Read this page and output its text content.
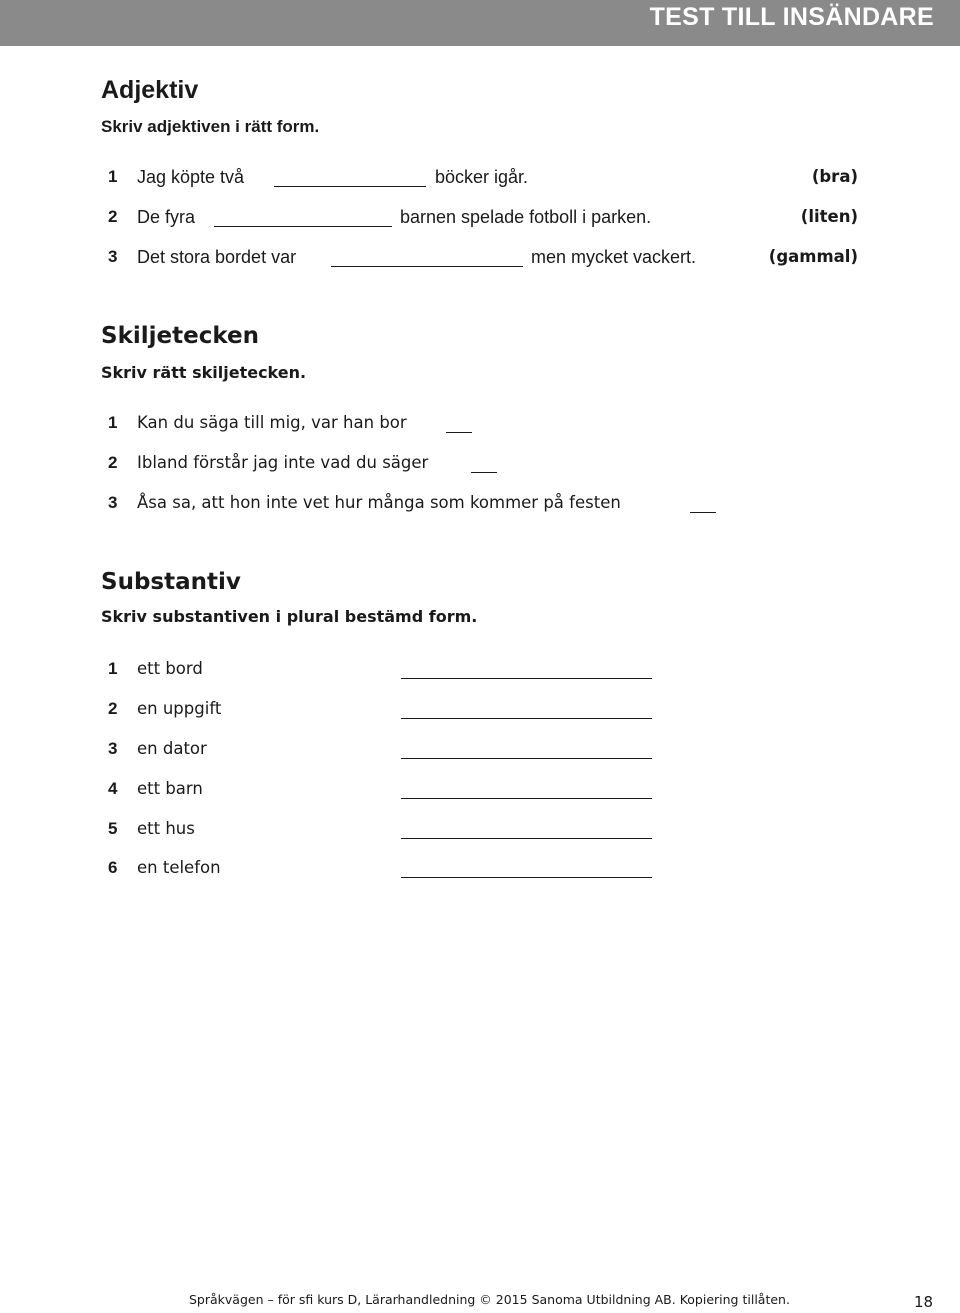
TEST TILL INSÄNDARE
Adjektiv
Skriv adjektiven i rätt form.
1 Jag köpte två	böcker igår.	(bra)
2 De fyra	barnen spelade fotboll i parken.	(liten)
3 Det stora bordet var	men mycket vackert.	(gammal)
Skiljetecken
Skriv rätt skiljetecken.
1 Kan du säga till mig, var han bor
2 Ibland förstår jag inte vad du säger
3 Åsa sa, att hon inte vet hur många som kommer på festen
Substantiv
Skriv substantiven i plural bestämd form.
1 ett bord
2 en uppgift
3 en dator
4 ett barn
5 ett hus
6 en telefon
Språkvägen – för sfi kurs D, Lärarhandledning © 2015 Sanoma Utbildning AB. Kopiering tillåten.	18
